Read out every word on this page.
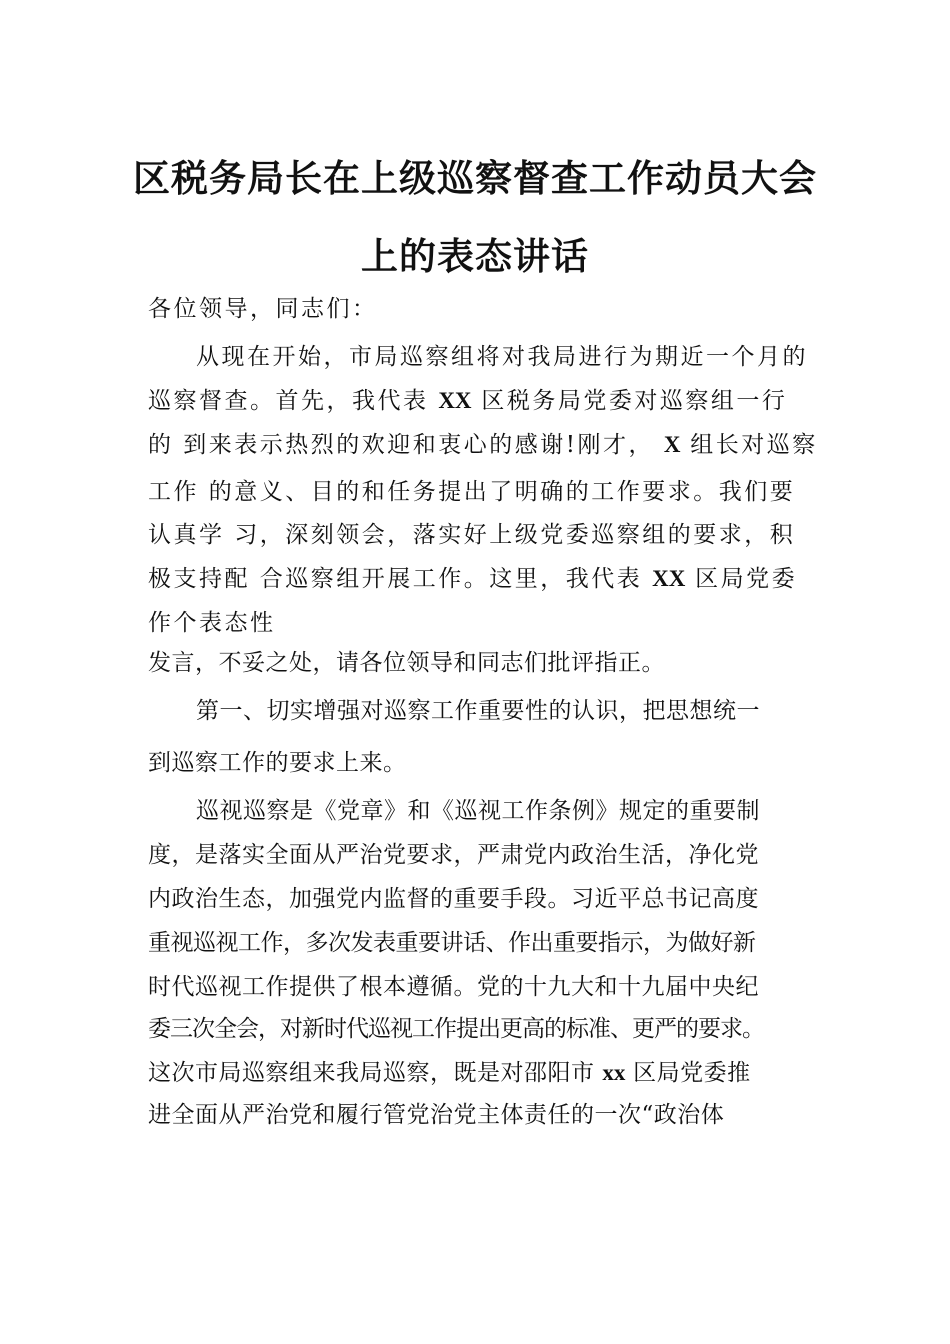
区税务局长在上级巡察督查工作动员大会
上的表态讲话
各位领导，同志们：
从现在开始，市局巡察组将对我局进行为期近一个月的
巡察督查。首先，我代表 XX 区税务局党委对巡察组一行
的 到来表示热烈的欢迎和衷心的感谢!刚才， X 组长对巡察
工作 的意义、目的和任务提出了明确的工作要求。我们要
认真学 习，深刻领会，落实好上级党委巡察组的要求，积
极支持配 合巡察组开展工作。这里，我代表 XX 区局党委
作个表态性
发言，不妥之处，请各位领导和同志们批评指正。
第一、切实增强对巡察工作重要性的认识，把思想统一
到巡察工作的要求上来。
巡视巡察是《党章》和《巡视工作条例》规定的重要制
度，是落实全面从严治党要求，严肃党内政治生活，净化党
内政治生态，加强党内监督的重要手段。习近平总书记高度
重视巡视工作，多次发表重要讲话、作出重要指示，为做好新
时代巡视工作提供了根本遵循。党的十九大和十九届中央纪
委三次全会，对新时代巡视工作提出更高的标准、更严的要求。
这次市局巡察组来我局巡察，既是对邵阳市 xx 区局党委推
进全面从严治党和履行管党治党主体责任的一次“政治体
